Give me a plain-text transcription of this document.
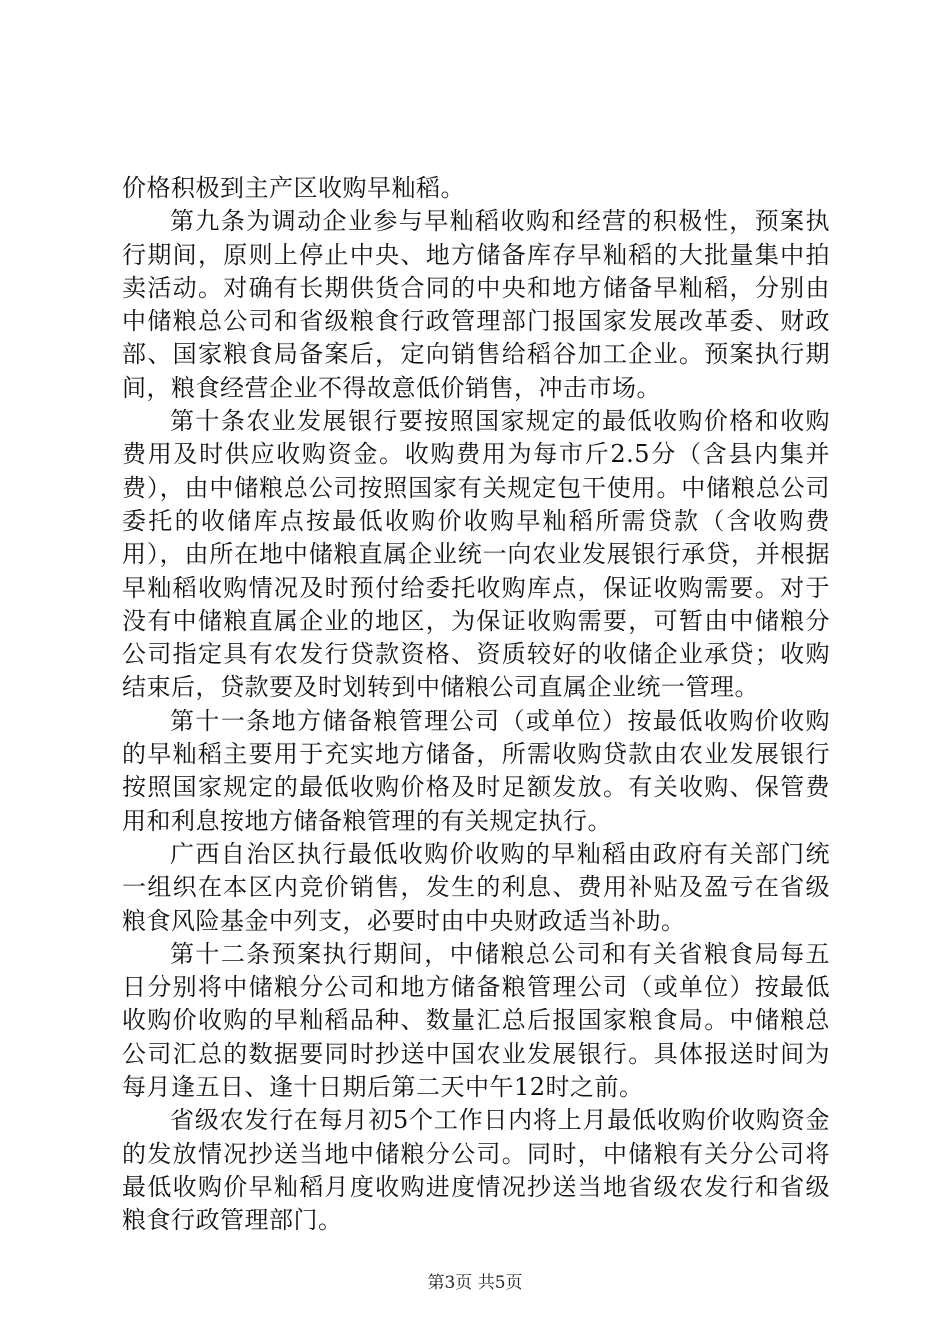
价格积极到主产区收购早籼稻。

第九条为调动企业参与早籼稻收购和经营的积极性，预案执行期间，原则上停止中央、地方储备库存早籼稻的大批量集中拍卖活动。对确有长期供货合同的中央和地方储备早籼稻，分别由中储粮总公司和省级粮食行政管理部门报国家发展改革委、财政部、国家粮食局备案后，定向销售给稻谷加工企业。预案执行期间，粮食经营企业不得故意低价销售，冲击市场。

第十条农业发展银行要按照国家规定的最低收购价格和收购费用及时供应收购资金。收购费用为每市斤2.5分（含县内集并费），由中储粮总公司按照国家有关规定包干使用。中储粮总公司委托的收储库点按最低收购价收购早籼稻所需贷款（含收购费用），由所在地中储粮直属企业统一向农业发展银行承贷，并根据早籼稻收购情况及时预付给委托收购库点，保证收购需要。对于没有中储粮直属企业的地区，为保证收购需要，可暂由中储粮分公司指定具有农发行贷款资格、资质较好的收储企业承贷；收购结束后，贷款要及时划转到中储粮公司直属企业统一管理。

第十一条地方储备粮管理公司（或单位）按最低收购价收购的早籼稻主要用于充实地方储备，所需收购贷款由农业发展银行按照国家规定的最低收购价格及时足额发放。有关收购、保管费用和利息按地方储备粮管理的有关规定执行。

广西自治区执行最低收购价收购的早籼稻由政府有关部门统一组织在本区内竞价销售，发生的利息、费用补贴及盈亏在省级粮食风险基金中列支，必要时由中央财政适当补助。

第十二条预案执行期间，中储粮总公司和有关省粮食局每五日分别将中储粮分公司和地方储备粮管理公司（或单位）按最低收购价收购的早籼稻品种、数量汇总后报国家粮食局。中储粮总公司汇总的数据要同时抄送中国农业发展银行。具体报送时间为每月逢五日、逢十日期后第二天中午12时之前。

省级农发行在每月初5个工作日内将上月最低收购价收购资金的发放情况抄送当地中储粮分公司。同时，中储粮有关分公司将最低收购价早籼稻月度收购进度情况抄送当地省级农发行和省级粮食行政管理部门。

第3页 共5页
